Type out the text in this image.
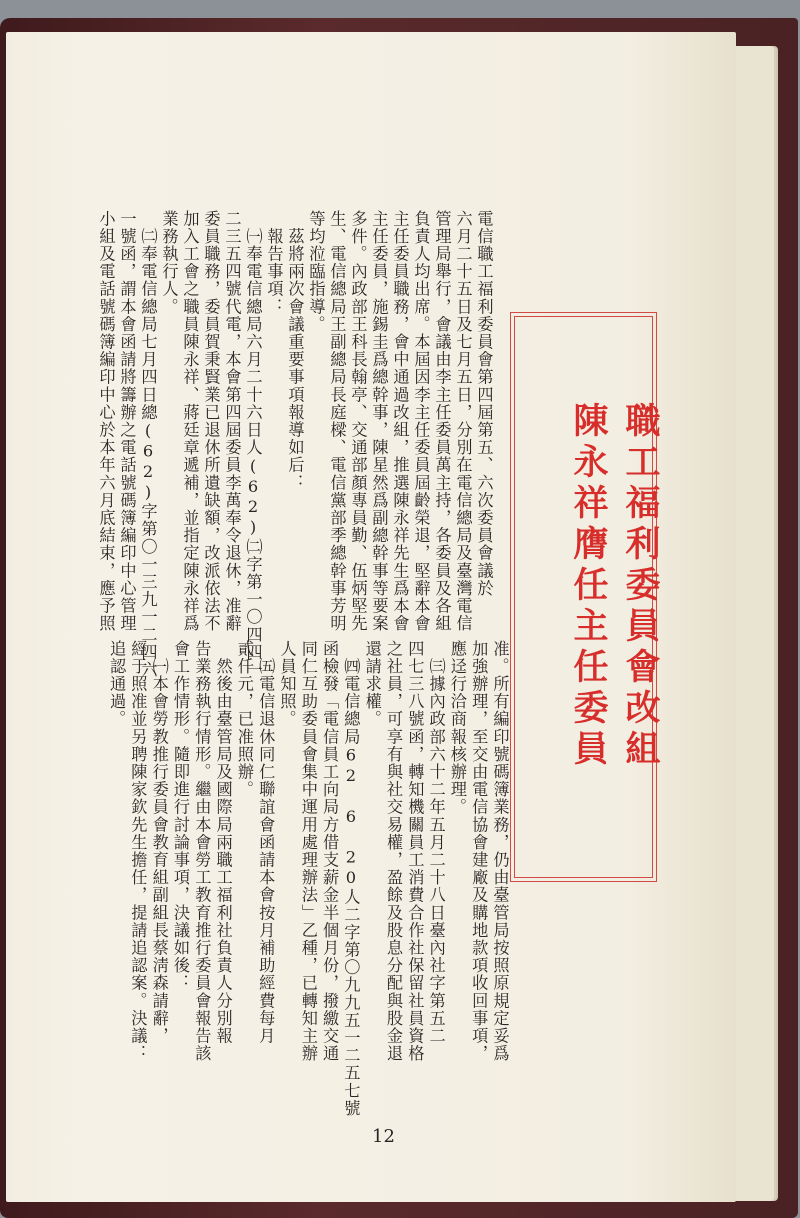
職工福利委員會改組
陳永祥膺任主任委員
12
電信職工福利委員會第四屆第五、六次委員會議於
六月二十五日及七月五日，分別在電信總局及臺灣電信
管理局舉行，會議由李主任委員萬主持，各委員及各組
負責人均出席。本屆因李主任委員屆齡榮退，堅辭本會
主任委員職務，會中通過改組，推選陳永祥先生爲本會
主任委員，施錫圭爲總幹事，陳星然爲副總幹事等要案
多件。內政部王科長翰亭、交通部顏專員勤、伍炳堅先
生、電信總局王副總局長庭樑、電信黨部季總幹事芳明
等均涖臨指導。
　茲將兩次會議重要事項報導如后：
　報告事項：
　㈠奉電信總局六月二十六日人(62)㈡字第一〇四四一
二三五四號代電，本會第四屆委員李萬奉令退休，准辭
委員職務，委員賀秉賢業已退休所遺缺額，改派依法不
加入工會之職員陳永祥、蔣廷章遞補，並指定陳永祥爲
業務執行人。
　㈡奉電信總局七月四日總(62)字第〇一三九一二四六
一號函，謂本會函請將籌辦之電話號碼簿編印中心管理
小組及電話號碼簿編印中心於本年六月底結束，應予照
准。所有編印號碼簿業務，仍由臺管局按照原規定妥爲
加強辦理，至交由電信協會建廠及購地款項收回事項，
應迳行洽商報核辦理。
　㈢據內政部六十二年五月二十八日臺內社字第五二
四七三八號函，轉知機關員工消費合作社保留社員資格
之社員，可享有與社交易權，盈餘及股息分配與股金退
還請求權。
　㈣電信總局62 6 20人二字第〇九九五一二五七號
函檢發「電信員工向局方借支薪金半個月份，撥繳交通
同仁互助委員會集中運用處理辦法」乙種，已轉知主辦
人員知照。
　㈤電信退休同仁聯誼會函請本會按月補助經費每月
貳仟元，已准照辦。
　然後由臺管局及國際局兩職工福利社負責人分別報
告業務執行情形。繼由本會勞工教育推行委員會報告該
會工作情形。隨即進行討論事項，決議如後：
　㈠本會勞教推行委員會教育組副組長蔡淸森請辭，
經于照准並另聘陳家欽先生擔任，提請追認案。決議：
追認通過。
